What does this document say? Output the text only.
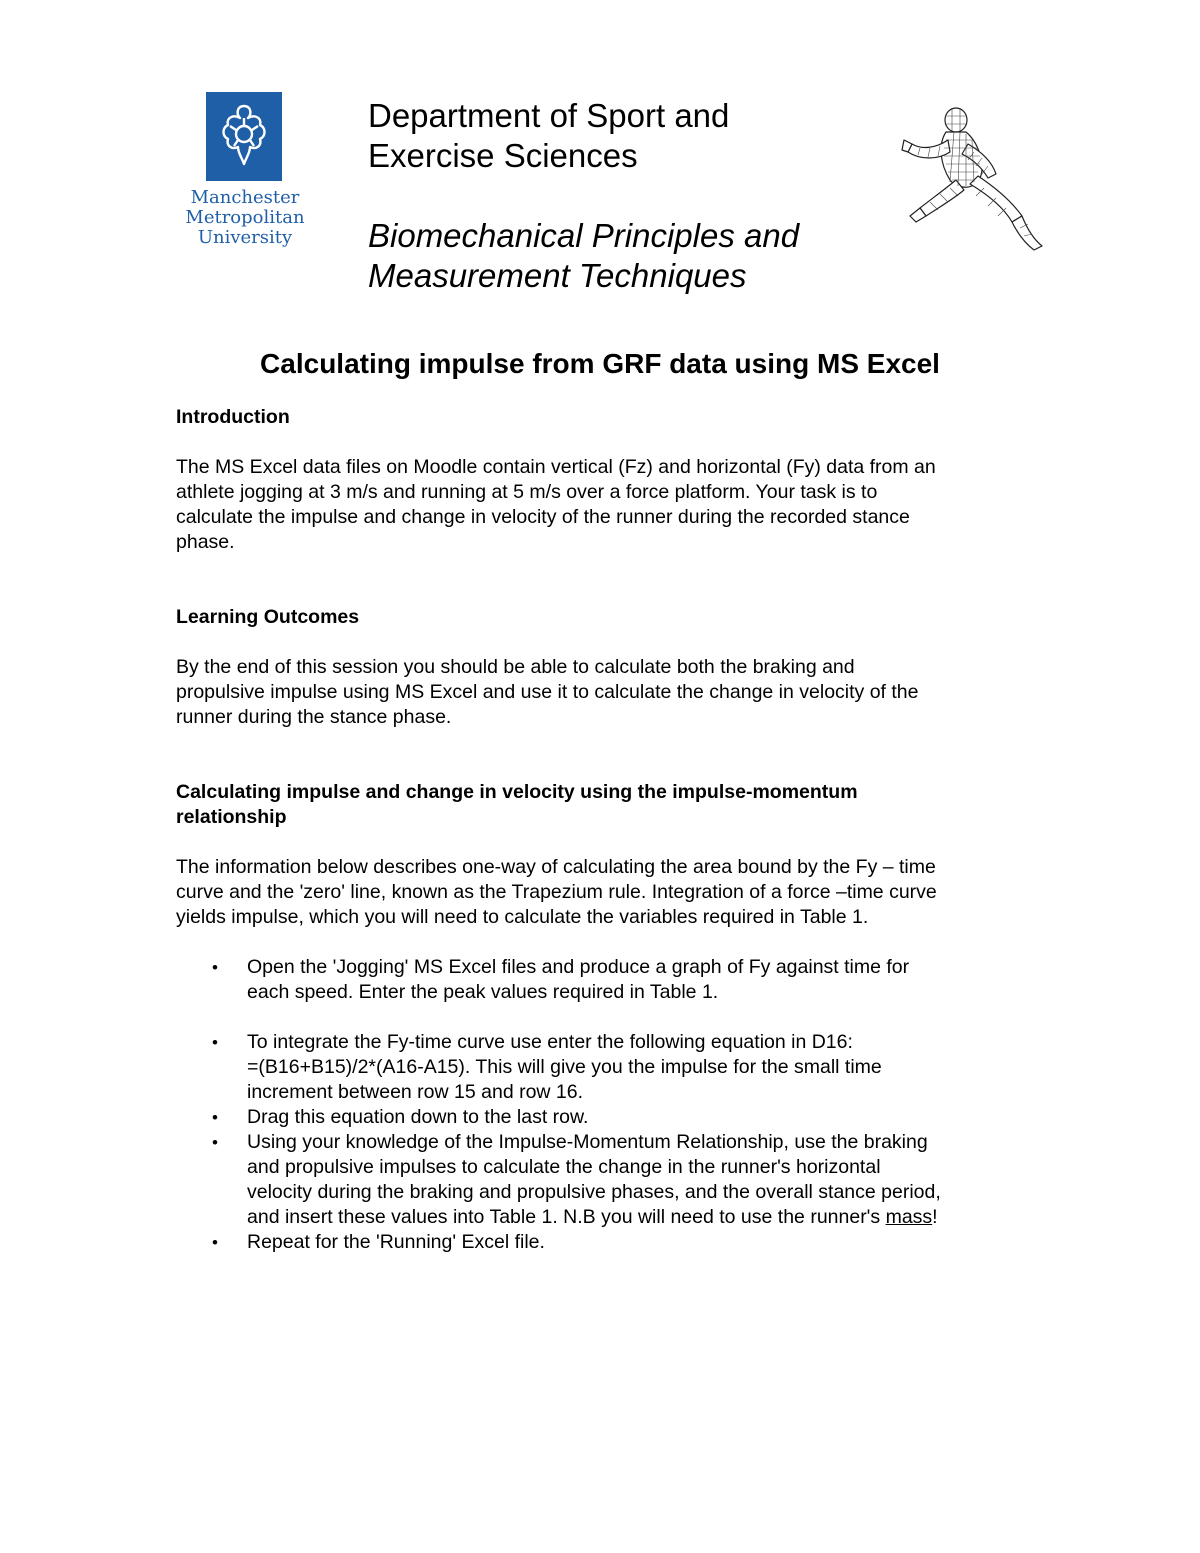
Manchester
Metropolitan
University
Department of Sport and
Exercise Sciences
Biomechanical Principles and
Measurement Techniques
Calculating impulse from GRF data using MS Excel

Introduction

The MS Excel data files on Moodle contain vertical (Fz) and horizontal (Fy) data from an
athlete jogging at 3 m/s and running at 5 m/s over a force platform. Your task is to
calculate the impulse and change in velocity of the runner during the recorded stance
phase.

Learning Outcomes

By the end of this session you should be able to calculate both the braking and
propulsive impulse using MS Excel and use it to calculate the change in velocity of the
runner during the stance phase.
Calculating impulse and change in velocity using the impulse-momentum
relationship
The information below describes one-way of calculating the area bound by the Fy – time
curve and the 'zero' line, known as the Trapezium rule. Integration of a force –time curve
yields impulse, which you will need to calculate the variables required in Table 1.
• Open the 'Jogging' MS Excel files and produce a graph of Fy against time for
each speed. Enter the peak values required in Table 1.
• To integrate the Fy-time curve use enter the following equation in D16:
=(B16+B15)/2*(A16-A15). This will give you the impulse for the small time
increment between row 15 and row 16.
• Drag this equation down to the last row.
• Using your knowledge of the Impulse-Momentum Relationship, use the braking
and propulsive impulses to calculate the change in the runner's horizontal
velocity during the braking and propulsive phases, and the overall stance period,
and insert these values into Table 1. N.B you will need to use the runner's mass!
• Repeat for the 'Running' Excel file.
